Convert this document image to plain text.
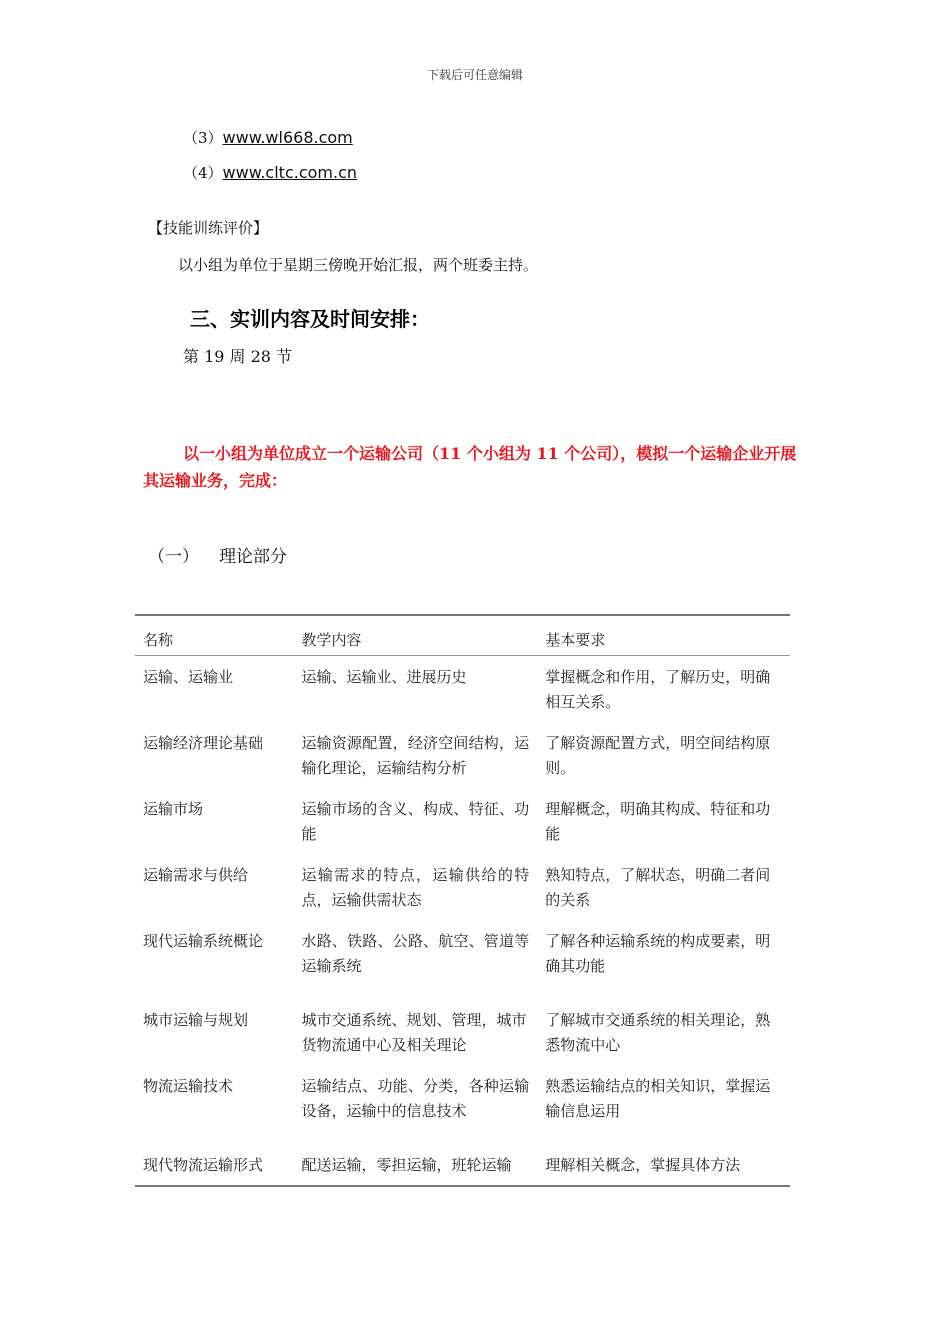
下载后可任意编辑
（3）www.wl668.com
（4）www.cltc.com.cn
【技能训练评价】
以小组为单位于星期三傍晚开始汇报，两个班委主持。
三、实训内容及时间安排：
第 19 周 28 节
以一小组为单位成立一个运输公司（11 个小组为 11 个公司），模拟一个运输企业开展其运输业务，完成：
（一） 理论部分
名称	教学内容	基本要求
运输、运输业	运输、运输业、进展历史	掌握概念和作用，了解历史，明确相互关系。
运输经济理论基础	运输资源配置，经济空间结构，运输化理论，运输结构分析	了解资源配置方式，明空间结构原则。
运输市场	运输市场的含义、构成、特征、功能	理解概念，明确其构成、特征和功能
运输需求与供给	运输需求的特点，运输供给的特点，运输供需状态	熟知特点，了解状态，明确二者间的关系
现代运输系统概论	水路、铁路、公路、航空、管道等运输系统	了解各种运输系统的构成要素，明确其功能
城市运输与规划	城市交通系统、规划、管理，城市货物流通中心及相关理论	了解城市交通系统的相关理论，熟悉物流中心
物流运输技术	运输结点、功能、分类，各种运输设备，运输中的信息技术	熟悉运输结点的相关知识，掌握运输信息运用
现代物流运输形式	配送运输，零担运输，班轮运输	理解相关概念，掌握具体方法
